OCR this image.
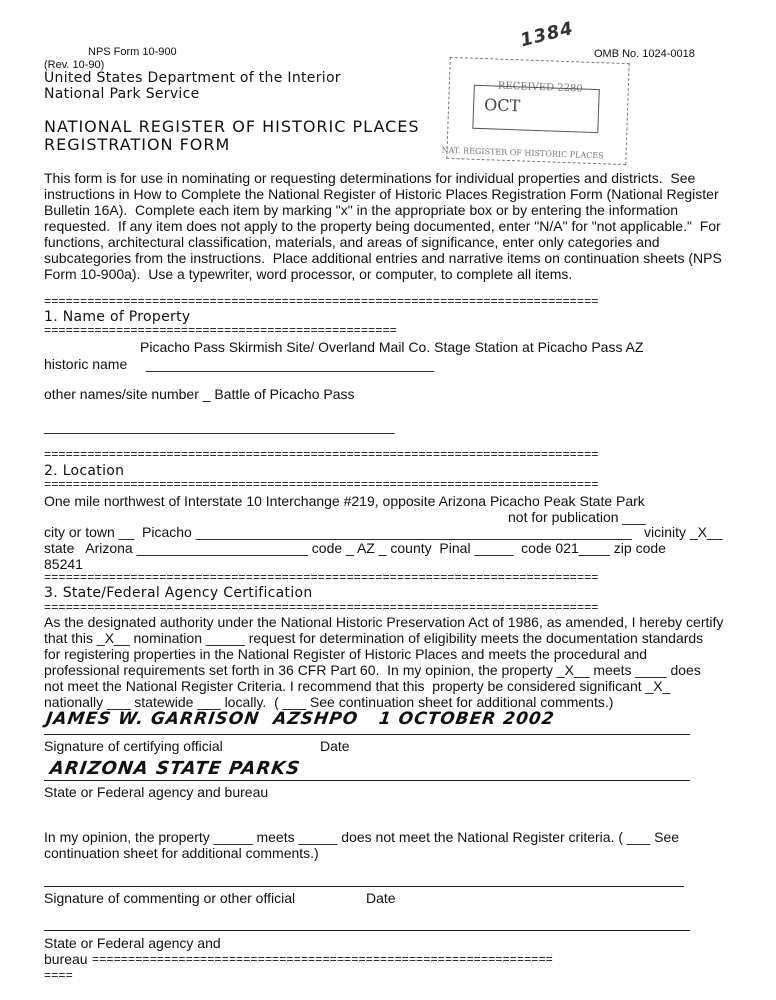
NPS Form 10-900
(Rev. 10-90)
United States Department of the Interior
National Park Service
OMB No. 1024-0018
1384
NATIONAL REGISTER OF HISTORIC PLACES
REGISTRATION FORM
RECEIVED 2280
OCT
NAT. REGISTER OF HISTORIC PLACES
This form is for use in nominating or requesting determinations for individual properties and districts.  See
instructions in How to Complete the National Register of Historic Places Registration Form (National Register
Bulletin 16A).  Complete each item by marking "x" in the appropriate box or by entering the information
requested.  If any item does not apply to the property being documented, enter "N/A" for "not applicable."  For
functions, architectural classification, materials, and areas of significance, enter only categories and
subcategories from the instructions.  Place additional entries and narrative items on continuation sheets (NPS
Form 10-900a).  Use a typewriter, word processor, or computer, to complete all items.
=============================================================================
1. Name of Property
=================================================
Picacho Pass Skirmish Site/ Overland Mail Co. Stage Station at Picacho Pass AZ
historic name _____________________________________
other names/site number _ Battle of Picacho Pass
_____________________________________________
=============================================================================
2. Location
=============================================================================
One mile northwest of Interstate 10 Interchange #219, opposite Arizona Picacho Peak State Park
not for publication ___
city or town __  Picacho ________________________________________________________ vicinity _X__
state   Arizona ______________________ code _ AZ _ county  Pinal _____  code 021____ zip code
85241
=============================================================================
3. State/Federal Agency Certification
=============================================================================
As the designated authority under the National Historic Preservation Act of 1986, as amended, I hereby certify
that this _X__ nomination _____ request for determination of eligibility meets the documentation standards
for registering properties in the National Register of Historic Places and meets the procedural and
professional requirements set forth in 36 CFR Part 60.  In my opinion, the property _X__ meets ____ does
not meet the National Register Criteria. I recommend that this  property be considered significant _X_
nationally ___ statewide ___ locally.  ( ___ See continuation sheet for additional comments.)
JAMES W. GARRISON  AZSHPO   1 OCTOBER 2002
Signature of certifying official	Date
ARIZONA STATE PARKS
State or Federal agency and bureau
In my opinion, the property _____ meets _____ does not meet the National Register criteria. ( ___ See
continuation sheet for additional comments.)
Signature of commenting or other official	Date
State or Federal agency and
bureau ================================================================
====
